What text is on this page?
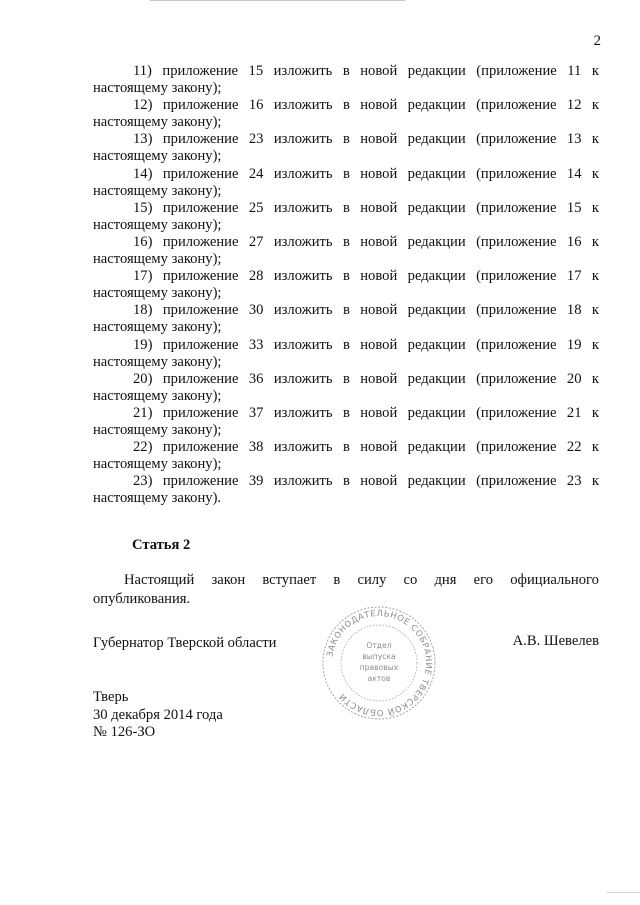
2
11) приложение 15 изложить в новой редакции (приложение 11 к
настоящему закону);
12) приложение 16 изложить в новой редакции (приложение 12 к
настоящему закону);
13) приложение 23 изложить в новой редакции (приложение 13 к
настоящему закону);
14) приложение 24 изложить в новой редакции (приложение 14 к
настоящему закону);
15) приложение 25 изложить в новой редакции (приложение 15 к
настоящему закону);
16) приложение 27 изложить в новой редакции (приложение 16 к
настоящему закону);
17) приложение 28 изложить в новой редакции (приложение 17 к
настоящему закону);
18) приложение 30 изложить в новой редакции (приложение 18 к
настоящему закону);
19) приложение 33 изложить в новой редакции (приложение 19 к
настоящему закону);
20) приложение 36 изложить в новой редакции (приложение 20 к
настоящему закону);
21) приложение 37 изложить в новой редакции (приложение 21 к
настоящему закону);
22) приложение 38 изложить в новой редакции (приложение 22 к
настоящему закону);
23) приложение 39 изложить в новой редакции (приложение 23 к
настоящему закону).
Статья 2
Настоящий закон вступает в силу со дня его официального
опубликования.
Губернатор Тверской области	А.В. Шевелев
ЗАКОНОДАТЕЛЬНОЕ СОБРАНИЕ ТВЕРСКОЙ ОБЛАСТИ
Отдел
выпуска
правовых
актов
Тверь
30 декабря 2014 года
№ 126-ЗО
